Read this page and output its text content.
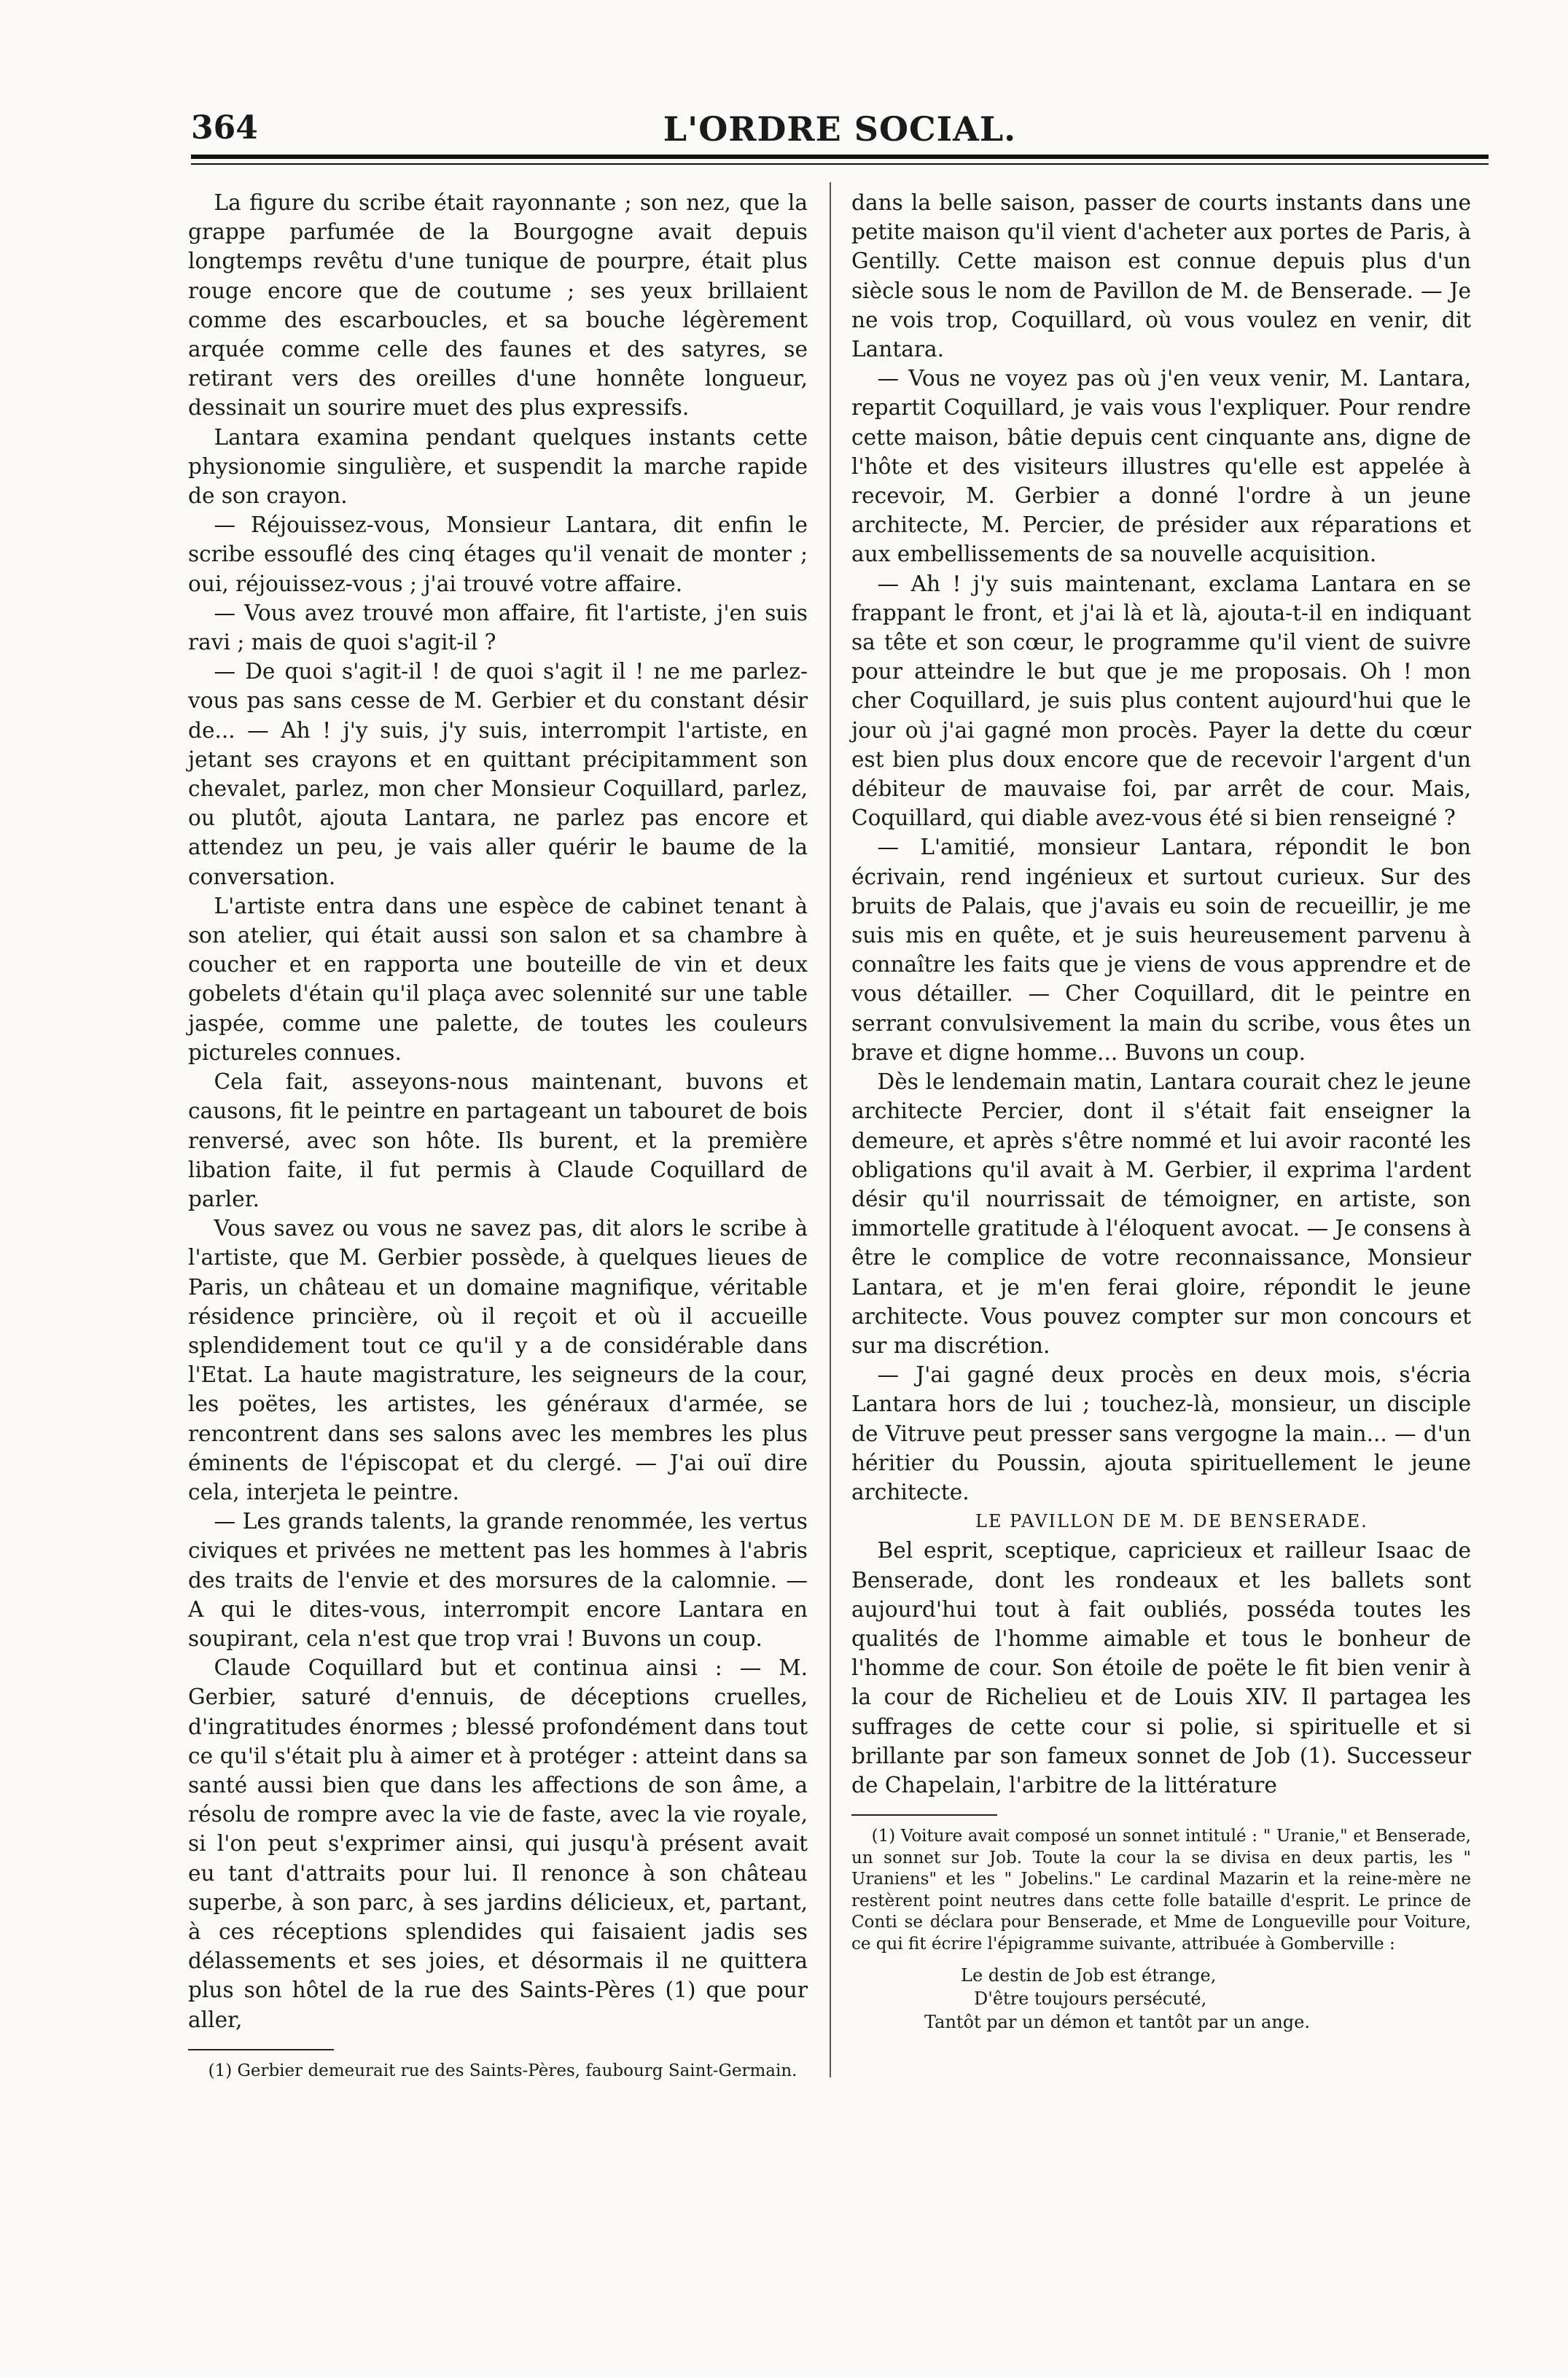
364	L'ORDRE SOCIAL.

La figure du scribe était rayonnante ; son nez, que la grappe parfumée de la Bourgogne avait depuis longtemps revêtu d'une tunique de pourpre, était plus rouge encore que de coutume ; ses yeux brillaient comme des escarboucles, et sa bouche légèrement arquée comme celle des faunes et des satyres, se retirant vers des oreilles d'une honnête longueur, dessinait un sourire muet des plus expressifs.

Lantara examina pendant quelques instants cette physionomie singulière, et suspendit la marche rapide de son crayon.

— Réjouissez-vous, Monsieur Lantara, dit enfin le scribe essouflé des cinq étages qu'il venait de monter ; oui, réjouissez-vous ; j'ai trouvé votre affaire.

— Vous avez trouvé mon affaire, fit l'artiste, j'en suis ravi ; mais de quoi s'agit-il ?

— De quoi s'agit-il ! de quoi s'agit il ! ne me parlez-vous pas sans cesse de M. Gerbier et du constant désir de... — Ah ! j'y suis, j'y suis, interrompit l'artiste, en jetant ses crayons et en quittant précipitamment son chevalet, parlez, mon cher Monsieur Coquillard, parlez, ou plutôt, ajouta Lantara, ne parlez pas encore et attendez un peu, je vais aller quérir le baume de la conversation.

L'artiste entra dans une espèce de cabinet tenant à son atelier, qui était aussi son salon et sa chambre à coucher et en rapporta une bouteille de vin et deux gobelets d'étain qu'il plaça avec solennité sur une table jaspée, comme une palette, de toutes les couleurs pictureles connues.

Cela fait, asseyons-nous maintenant, buvons et causons, fit le peintre en partageant un tabouret de bois renversé, avec son hôte. Ils burent, et la première libation faite, il fut permis à Claude Coquillard de parler.

Vous savez ou vous ne savez pas, dit alors le scribe à l'artiste, que M. Gerbier possède, à quelques lieues de Paris, un château et un domaine magnifique, véritable résidence princière, où il reçoit et où il accueille splendidement tout ce qu'il y a de considérable dans l'Etat. La haute magistrature, les seigneurs de la cour, les poëtes, les artistes, les généraux d'armée, se rencontrent dans ses salons avec les membres les plus éminents de l'épiscopat et du clergé. — J'ai ouï dire cela, interjeta le peintre.

— Les grands talents, la grande renommée, les vertus civiques et privées ne mettent pas les hommes à l'abris des traits de l'envie et des morsures de la calomnie. — A qui le dites-vous, interrompit encore Lantara en soupirant, cela n'est que trop vrai ! Buvons un coup.

Claude Coquillard but et continua ainsi : — M. Gerbier, saturé d'ennuis, de déceptions cruelles, d'ingratitudes énormes ; blessé profondément dans tout ce qu'il s'était plu à aimer et à protéger : atteint dans sa santé aussi bien que dans les affections de son âme, a résolu de rompre avec la vie de faste, avec la vie royale, si l'on peut s'exprimer ainsi, qui jusqu'à présent avait eu tant d'attraits pour lui. Il renonce à son château superbe, à son parc, à ses jardins délicieux, et, partant, à ces réceptions splendides qui faisaient jadis ses délassements et ses joies, et désormais il ne quittera plus son hôtel de la rue des Saints-Pères (1) que pour aller,

(1) Gerbier demeurait rue des Saints-Pères, faubourg Saint-Germain.

dans la belle saison, passer de courts instants dans une petite maison qu'il vient d'acheter aux portes de Paris, à Gentilly. Cette maison est connue depuis plus d'un siècle sous le nom de Pavillon de M. de Benserade. — Je ne vois trop, Coquillard, où vous voulez en venir, dit Lantara.

— Vous ne voyez pas où j'en veux venir, M. Lantara, repartit Coquillard, je vais vous l'expliquer. Pour rendre cette maison, bâtie depuis cent cinquante ans, digne de l'hôte et des visiteurs illustres qu'elle est appelée à recevoir, M. Gerbier a donné l'ordre à un jeune architecte, M. Percier, de présider aux réparations et aux embellissements de sa nouvelle acquisition.

— Ah ! j'y suis maintenant, exclama Lantara en se frappant le front, et j'ai là et là, ajouta-t-il en indiquant sa tête et son cœur, le programme qu'il vient de suivre pour atteindre le but que je me proposais. Oh ! mon cher Coquillard, je suis plus content aujourd'hui que le jour où j'ai gagné mon procès. Payer la dette du cœur est bien plus doux encore que de recevoir l'argent d'un débiteur de mauvaise foi, par arrêt de cour. Mais, Coquillard, qui diable avez-vous été si bien renseigné ?

— L'amitié, monsieur Lantara, répondit le bon écrivain, rend ingénieux et surtout curieux. Sur des bruits de Palais, que j'avais eu soin de recueillir, je me suis mis en quête, et je suis heureusement parvenu à connaître les faits que je viens de vous apprendre et de vous détailler. — Cher Coquillard, dit le peintre en serrant convulsivement la main du scribe, vous êtes un brave et digne homme... Buvons un coup.

Dès le lendemain matin, Lantara courait chez le jeune architecte Percier, dont il s'était fait enseigner la demeure, et après s'être nommé et lui avoir raconté les obligations qu'il avait à M. Gerbier, il exprima l'ardent désir qu'il nourrissait de témoigner, en artiste, son immortelle gratitude à l'éloquent avocat. — Je consens à être le complice de votre reconnaissance, Monsieur Lantara, et je m'en ferai gloire, répondit le jeune architecte. Vous pouvez compter sur mon concours et sur ma discrétion.

— J'ai gagné deux procès en deux mois, s'écria Lantara hors de lui ; touchez-là, monsieur, un disciple de Vitruve peut presser sans vergogne la main... — d'un héritier du Poussin, ajouta spirituellement le jeune architecte.

LE PAVILLON DE M. DE BENSERADE.

Bel esprit, sceptique, capricieux et railleur Isaac de Benserade, dont les rondeaux et les ballets sont aujourd'hui tout à fait oubliés, posséda toutes les qualités de l'homme aimable et tous le bonheur de l'homme de cour. Son étoile de poëte le fit bien venir à la cour de Richelieu et de Louis XIV. Il partagea les suffrages de cette cour si polie, si spirituelle et si brillante par son fameux sonnet de Job (1). Successeur de Chapelain, l'arbitre de la littérature

(1) Voiture avait composé un sonnet intitulé : " Uranie," et Benserade, un sonnet sur Job. Toute la cour la se divisa en deux partis, les " Uraniens" et les " Jobelins." Le cardinal Mazarin et la reine-mère ne restèrent point neutres dans cette folle bataille d'esprit. Le prince de Conti se déclara pour Benserade, et Mme de Longueville pour Voiture, ce qui fit écrire l'épigramme suivante, attribuée à Gomberville :

Le destin de Job est étrange,
D'être toujours persécuté,
Tantôt par un démon et tantôt par un ange.
